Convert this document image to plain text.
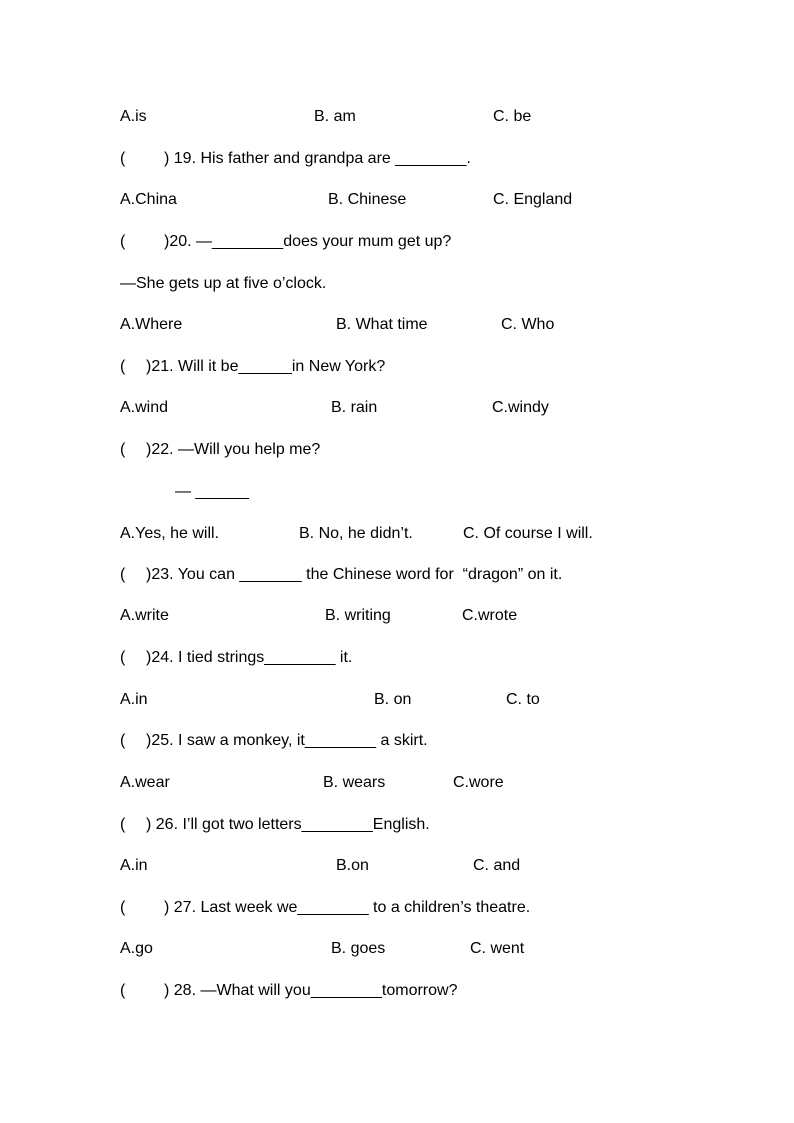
A.is	B. am	C. be
( ) 19. His father and grandpa are ________.
A.China	B. Chinese	C. England
( )20. —________does your mum get up?
—She gets up at five o’clock.
A.Where	B. What time	C. Who
( )21. Will it be______in New York?
A.wind	B. rain	C.windy
( )22. —Will you help me?
— ______
A.Yes, he will.	B. No, he didn’t.	C. Of course I will.
( )23. You can _______ the Chinese word for  “dragon” on it.
A.write	B. writing	C.wrote
( )24. I tied strings________ it.
A.in	B. on	C. to
( )25. I saw a monkey, it________ a skirt.
A.wear	B. wears	C.wore
( ) 26. I’ll got two letters________English.
A.in	B.on	C. and
( ) 27. Last week we________ to a children’s theatre.
A.go	B. goes	C. went
( ) 28. —What will you________tomorrow?
